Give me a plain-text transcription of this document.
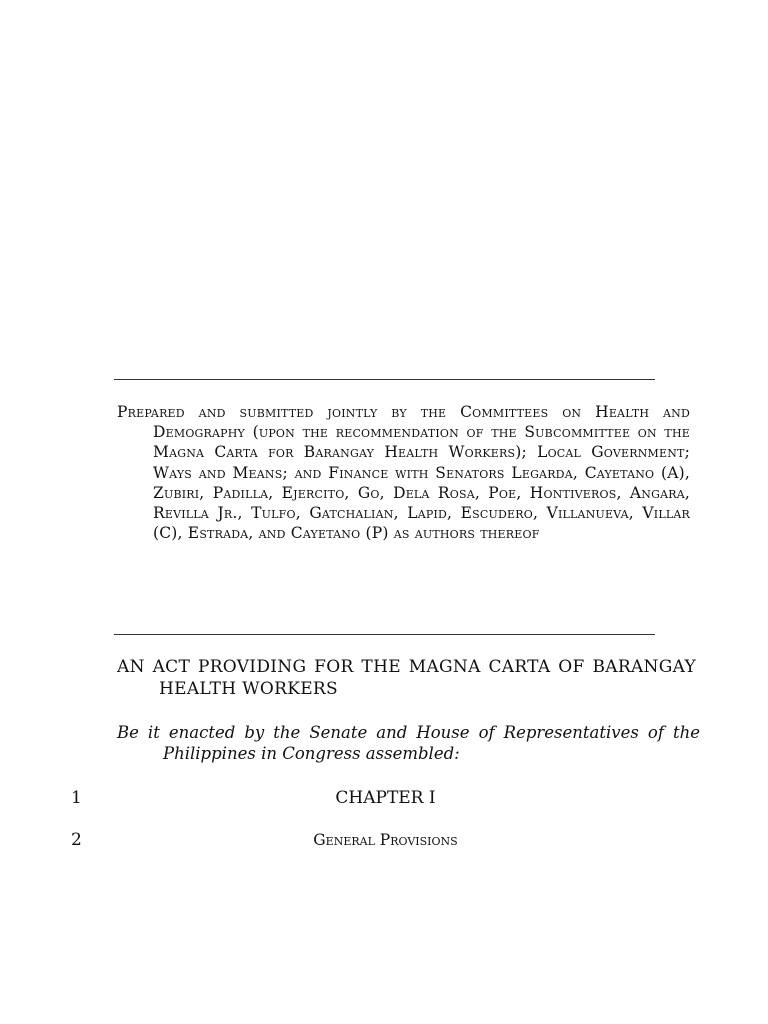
Prepared and submitted jointly by the Committees on Health and Demography (upon the recommendation of the Subcommittee on the Magna Carta for Barangay Health Workers); Local Government; Ways and Means; and Finance with Senators Legarda, Cayetano (A), Zubiri, Padilla, Ejercito, Go, Dela Rosa, Poe, Hontiveros, Angara, Revilla Jr., Tulfo, Gatchalian, Lapid, Escudero, Villanueva, Villar (C), Estrada, and Cayetano (P) as authors thereof
AN ACT PROVIDING FOR THE MAGNA CARTA OF BARANGAY HEALTH WORKERS
Be it enacted by the Senate and House of Representatives of the Philippines in Congress assembled:
1	CHAPTER I
2	General Provisions
